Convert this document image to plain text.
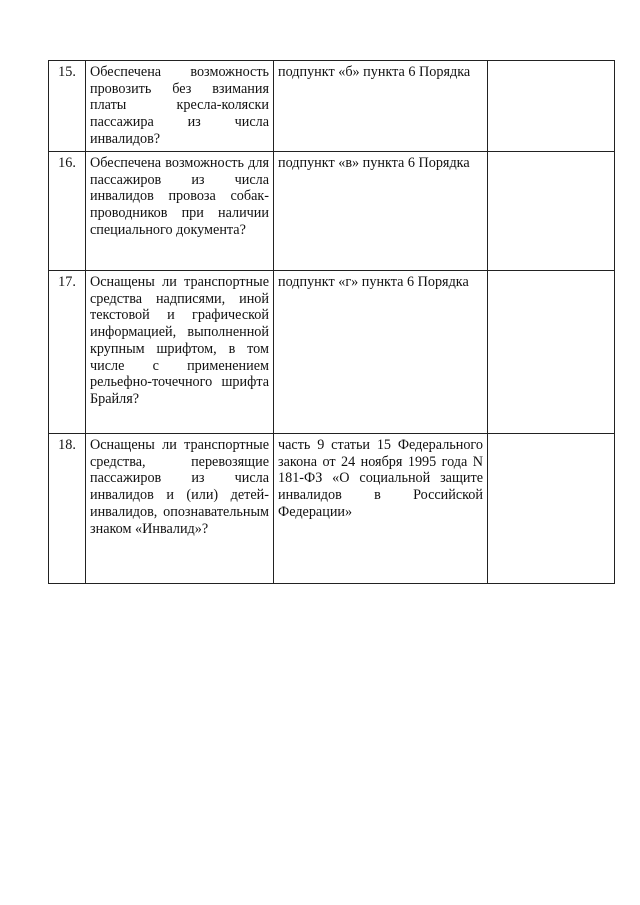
15.	Обеспечена возможность провозить без взимания платы кресла-коляски пассажира из числа инвалидов?	подпункт «б» пункта 6 Порядка	
16.	Обеспечена возможность для пассажиров из числа инвалидов провоза собак-проводников при наличии специального документа?	подпункт «в» пункта 6 Порядка	
17.	Оснащены ли транспортные средства надписями, иной текстовой и графической информацией, выполненной крупным шрифтом, в том числе с применением рельефно-точечного шрифта Брайля?	подпункт «г» пункта 6 Порядка	
18.	Оснащены ли транспортные средства, перевозящие пассажиров из числа инвалидов и (или) детей-инвалидов, опознавательным знаком «Инвалид»?	часть 9 статьи 15 Федерального закона от 24 ноября 1995 года N 181-ФЗ «О социальной защите инвалидов в Российской Федерации»	
